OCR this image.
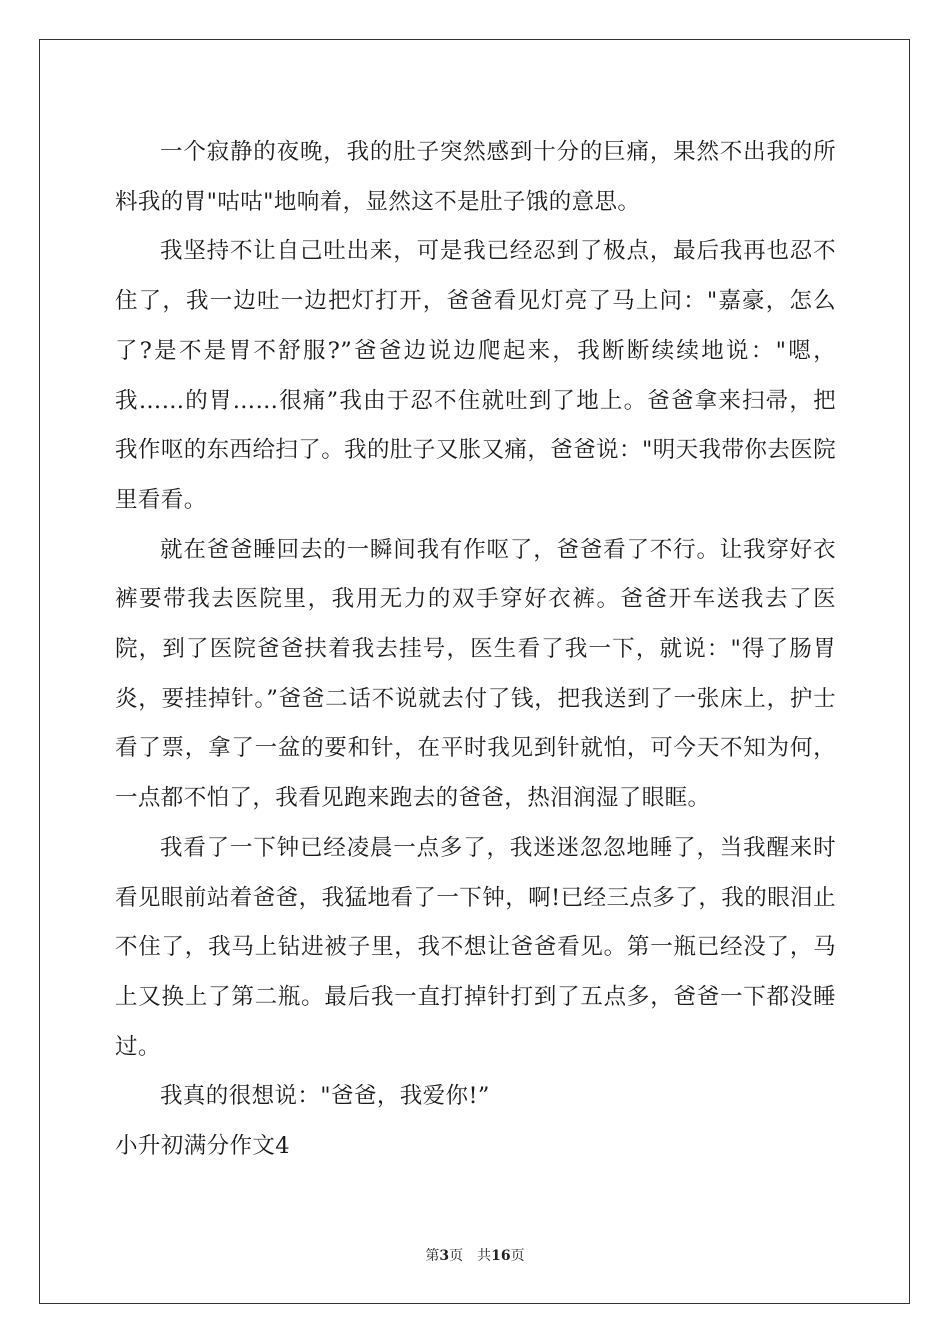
一个寂静的夜晚，我的肚子突然感到十分的巨痛，果然不出我的所料我的胃"咕咕"地响着，显然这不是肚子饿的意思。

我坚持不让自己吐出来，可是我已经忍到了极点，最后我再也忍不住了，我一边吐一边把灯打开，爸爸看见灯亮了马上问："嘉豪，怎么了?是不是胃不舒服?”爸爸边说边爬起来，我断断续续地说："嗯，我……的胃……很痛”我由于忍不住就吐到了地上。爸爸拿来扫帚，把我作呕的东西给扫了。我的肚子又胀又痛，爸爸说："明天我带你去医院里看看。

就在爸爸睡回去的一瞬间我有作呕了，爸爸看了不行。让我穿好衣裤要带我去医院里，我用无力的双手穿好衣裤。爸爸开车送我去了医院，到了医院爸爸扶着我去挂号，医生看了我一下，就说："得了肠胃炎，要挂掉针。”爸爸二话不说就去付了钱，把我送到了一张床上，护士看了票，拿了一盆的要和针，在平时我见到针就怕，可今天不知为何，一点都不怕了，我看见跑来跑去的爸爸，热泪润湿了眼眶。

我看了一下钟已经凌晨一点多了，我迷迷忽忽地睡了，当我醒来时看见眼前站着爸爸，我猛地看了一下钟，啊!已经三点多了，我的眼泪止不住了，我马上钻进被子里，我不想让爸爸看见。第一瓶已经没了，马上又换上了第二瓶。最后我一直打掉针打到了五点多，爸爸一下都没睡过。

我真的很想说："爸爸，我爱你!”

小升初满分作文4

第3页 共16页
